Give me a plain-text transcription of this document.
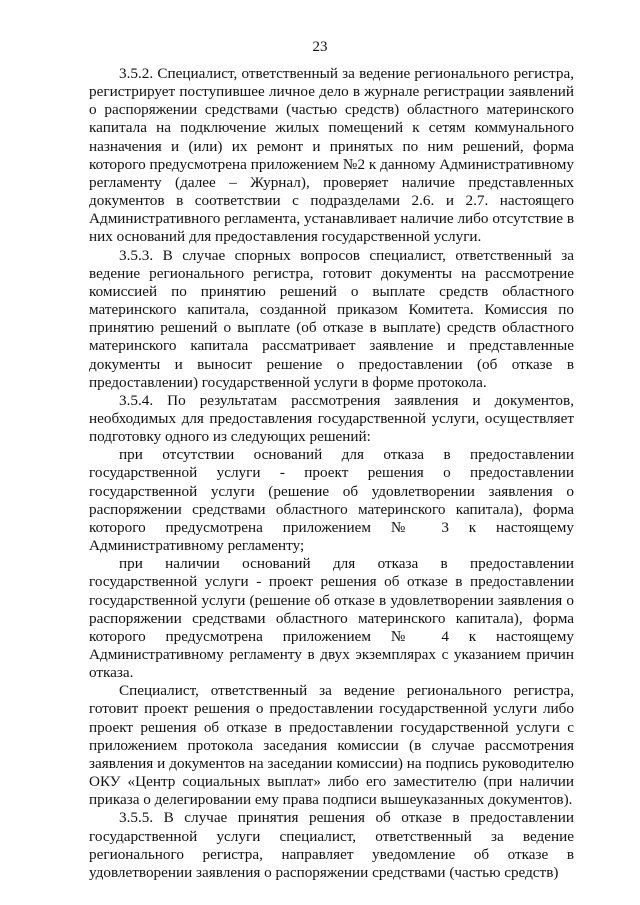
23

3.5.2. Специалист, ответственный за ведение регионального регистра, регистрирует поступившее личное дело в журнале регистрации заявлений о распоряжении средствами (частью средств) областного материнского капитала на подключение жилых помещений к сетям коммунального назначения и (или) их ремонт и принятых по ним решений, форма которого предусмотрена приложением №2 к данному Административному регламенту (далее – Журнал), проверяет наличие представленных документов в соответствии с подразделами 2.6. и 2.7. настоящего Административного регламента, устанавливает наличие либо отсутствие в них оснований для предоставления государственной услуги.

3.5.3. В случае спорных вопросов специалист, ответственный за ведение регионального регистра, готовит документы на рассмотрение комиссией по принятию решений о выплате средств областного материнского капитала, созданной приказом Комитета. Комиссия по принятию решений о выплате (об отказе в выплате) средств областного материнского капитала рассматривает заявление и представленные документы и выносит решение о предоставлении (об отказе в предоставлении) государственной услуги в форме протокола.

3.5.4. По результатам рассмотрения заявления и документов, необходимых для предоставления государственной услуги, осуществляет подготовку одного из следующих решений:

при отсутствии оснований для отказа в предоставлении государственной услуги - проект решения о предоставлении государственной услуги (решение об удовлетворении заявления о распоряжении средствами областного материнского капитала), форма которого предусмотрена приложением № 3 к настоящему Административному регламенту;

при наличии оснований для отказа в предоставлении государственной услуги - проект решения об отказе в предоставлении государственной услуги (решение об отказе в удовлетворении заявления о распоряжении средствами областного материнского капитала), форма которого предусмотрена приложением № 4 к настоящему Административному регламенту в двух экземплярах с указанием причин отказа.

Специалист, ответственный за ведение регионального регистра, готовит проект решения о предоставлении государственной услуги либо проект решения об отказе в предоставлении государственной услуги с приложением протокола заседания комиссии (в случае рассмотрения заявления и документов на заседании комиссии) на подпись руководителю ОКУ «Центр социальных выплат» либо его заместителю (при наличии приказа о делегировании ему права подписи вышеуказанных документов).

3.5.5. В случае принятия решения об отказе в предоставлении государственной услуги специалист, ответственный за ведение регионального регистра, направляет уведомление об отказе в удовлетворении заявления о распоряжении средствами (частью средств)
